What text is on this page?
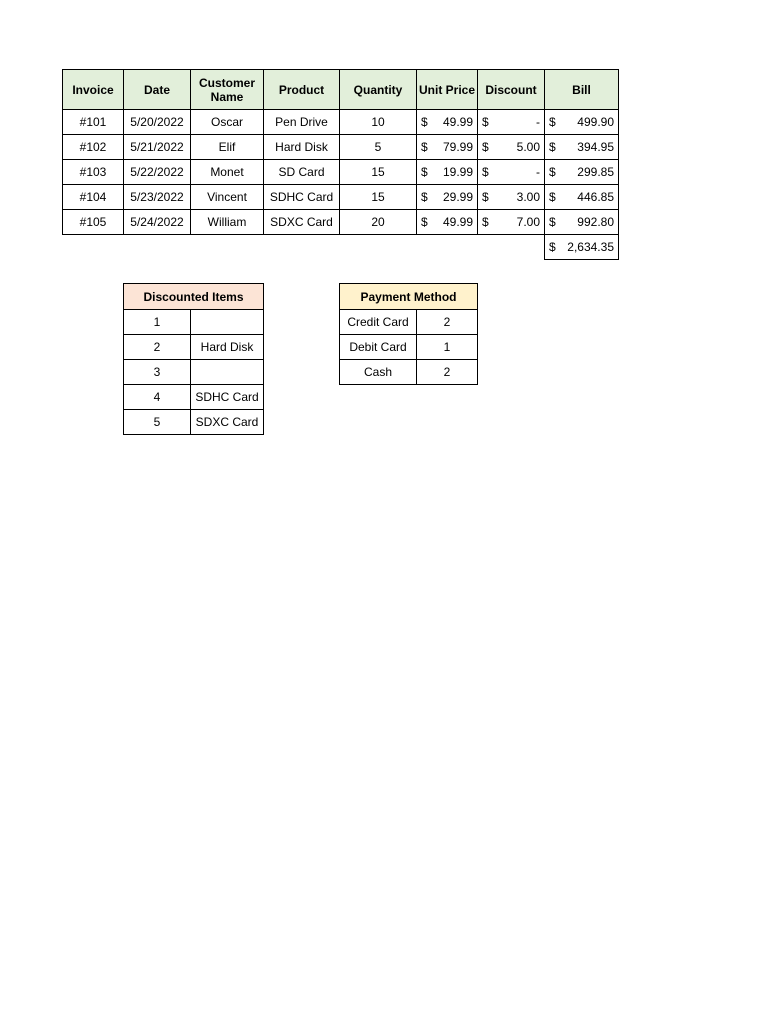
Invoice	Date	Customer Name	Product	Quantity	Unit Price	Discount	Bill
#101	5/20/2022	Oscar	Pen Drive	10	$ 49.99	$ -	$ 499.90
#102	5/21/2022	Elif	Hard Disk	5	$ 79.99	$ 5.00	$ 394.95
#103	5/22/2022	Monet	SD Card	15	$ 19.99	$ -	$ 299.85
#104	5/23/2022	Vincent	SDHC Card	15	$ 29.99	$ 3.00	$ 446.85
#105	5/24/2022	William	SDXC Card	20	$ 49.99	$ 7.00	$ 992.80

							$ 2,634.35
Discounted Items	
1	
2	Hard Disk
3	
4	SDHC Card
5	SDXC Card
Payment Method	
Credit Card	2
Debit Card	1
Cash	2
